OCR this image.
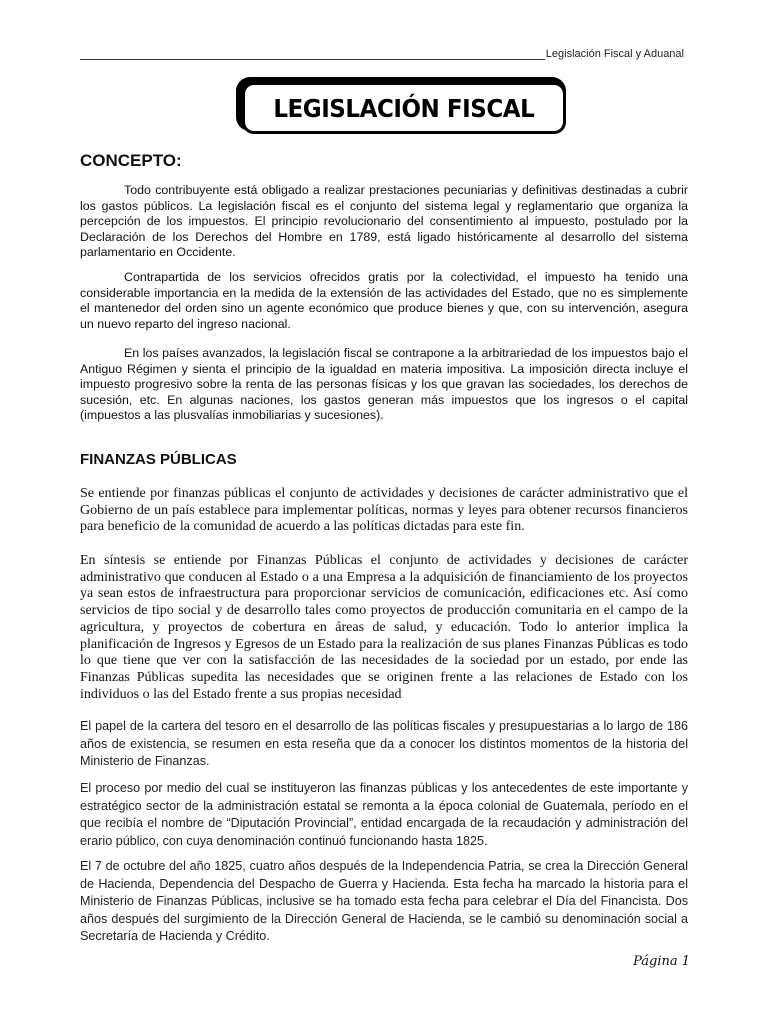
Legislación Fiscal y Aduanal
LEGISLACIÓN FISCAL
CONCEPTO:

Todo contribuyente está obligado a realizar prestaciones pecuniarias y definitivas destinadas a cubrir los gastos públicos. La legislación fiscal es el conjunto del sistema legal y reglamentario que organiza la percepción de los impuestos. El principio revolucionario del consentimiento al impuesto, postulado por la Declaración de los Derechos del Hombre en 1789, está ligado históricamente al desarrollo del sistema parlamentario en Occidente.

Contrapartida de los servicios ofrecidos gratis por la colectividad, el impuesto ha tenido una considerable importancia en la medida de la extensión de las actividades del Estado, que no es simplemente el mantenedor del orden sino un agente económico que produce bienes y que, con su intervención, asegura un nuevo reparto del ingreso nacional.

En los países avanzados, la legislación fiscal se contrapone a la arbitrariedad de los impuestos bajo el Antiguo Régimen y sienta el principio de la igualdad en materia impositiva. La imposición directa incluye el impuesto progresivo sobre la renta de las personas físicas y los que gravan las sociedades, los derechos de sucesión, etc. En algunas naciones, los gastos generan más impuestos que los ingresos o el capital (impuestos a las plusvalías inmobiliarias y sucesiones).

FINANZAS PÚBLICAS

Se entiende por finanzas públicas el conjunto de actividades y decisiones de carácter administrativo que el Gobierno de un país establece para implementar políticas, normas y leyes para obtener recursos financieros para beneficio de la comunidad de acuerdo a las políticas dictadas para este fin.

En síntesis se entiende por Finanzas Públicas el conjunto de actividades y decisiones de carácter administrativo que conducen al Estado o a una Empresa a la adquisición de financiamiento de los proyectos ya sean estos de infraestructura para proporcionar servicios de comunicación, edificaciones etc. Así como servicios de tipo social y de desarrollo tales como proyectos de producción comunitaria en el campo de la agricultura, y proyectos de cobertura en áreas de salud, y educación. Todo lo anterior implica la planificación de Ingresos y Egresos de un Estado para la realización de sus planes Finanzas Públicas es todo lo que tiene que ver con la satisfacción de las necesidades de la sociedad por un estado, por ende las Finanzas Públicas supedita las necesidades que se originen frente a las relaciones de Estado con los individuos o las del Estado frente a sus propias necesidad

El papel de la cartera del tesoro en el desarrollo de las políticas fiscales y presupuestarias a lo largo de 186 años de existencia, se resumen en esta reseña que da a conocer los distintos momentos de la historia del Ministerio de Finanzas.

El proceso por medio del cual se instituyeron las finanzas públicas y los antecedentes de este importante y estratégico sector de la administración estatal se remonta a la época colonial de Guatemala, período en el que recibía el nombre de “Diputación Provincial”, entidad encargada de la recaudación y administración del erario público, con cuya denominación continuó funcionando hasta 1825.

El 7 de octubre del año 1825, cuatro años después de la Independencia Patria, se crea la Dirección General de Hacienda, Dependencia del Despacho de Guerra y Hacienda. Esta fecha ha marcado la historia para el Ministerio de Finanzas Públicas, inclusive se ha tomado esta fecha para celebrar el Día del Financista. Dos años después del surgimiento de la Dirección General de Hacienda, se le cambió su denominación social a Secretaría de Hacienda y Crédito.

Página 1
